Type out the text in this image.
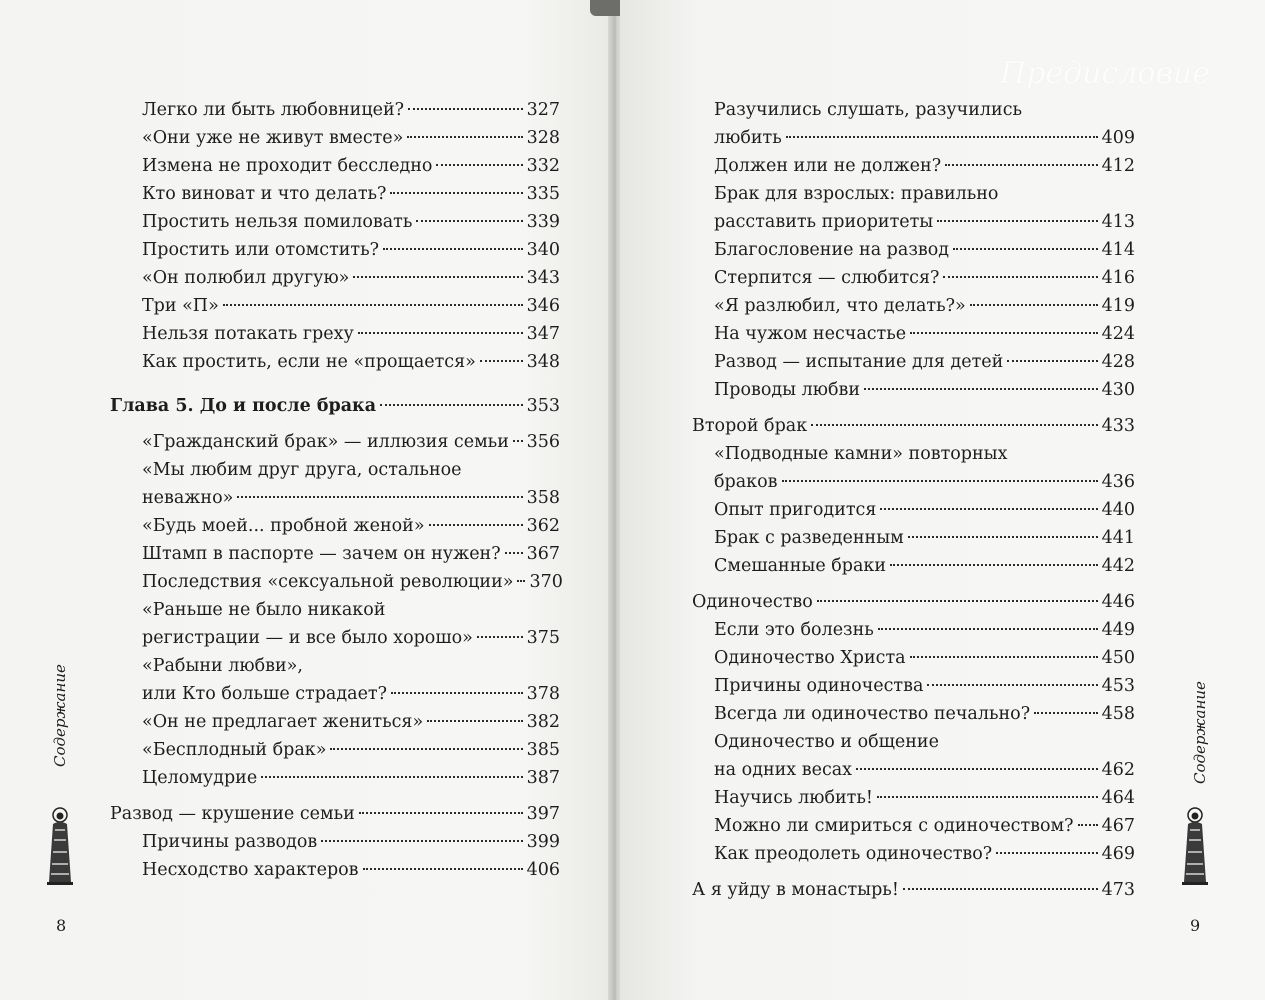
Легко ли быть любовницей?	327
«Они уже не живут вместе»	328
Измена не проходит бесследно	332
Кто виноват и что делать?	335
Простить нельзя помиловать	339
Простить или отомстить?	340
«Он полюбил другую»	343
Три «П»	346
Нельзя потакать греху	347
Как простить, если не «прощается»	348
Глава 5. До и после брака	353
«Гражданский брак» — иллюзия семьи 356
«Мы любим друг друга, остальное
неважно»	358
«Будь моей... пробной женой»	362
Штамп в паспорте — зачем он нужен? 367
Последствия «сексуальной революции» 370
«Раньше не было никакой
регистрации — и все было хорошо»	375
«Рабыни любви»,
или Кто больше страдает?	378
«Он не предлагает жениться»	382
«Бесплодный брак»	385
Целомудрие	387
Развод — крушение семьи	397
Причины разводов	399
Несходство характеров	406
Содержание
8
Разучились слушать, разучились
любить	409
Должен или не должен?	412
Брак для взрослых: правильно
расставить приоритеты	413
Благословение на развод	414
Стерпится — слюбится?	416
«Я разлюбил, что делать?»	419
На чужом несчастье	424
Развод — испытание для детей	428
Проводы любви	430
Второй брак	433
«Подводные камни» повторных
браков	436
Опыт пригодится	440
Брак с разведенным	441
Смешанные браки	442
Одиночество	446
Если это болезнь	449
Одиночество Христа	450
Причины одиночества	453
Всегда ли одиночество печально?	458
Одиночество и общение
на одних весах	462
Научись любить!	464
Можно ли смириться с одиночеством? 467
Как преодолеть одиночество?	469
А я уйду в монастырь!	473
Содержание
9
Предисловие
